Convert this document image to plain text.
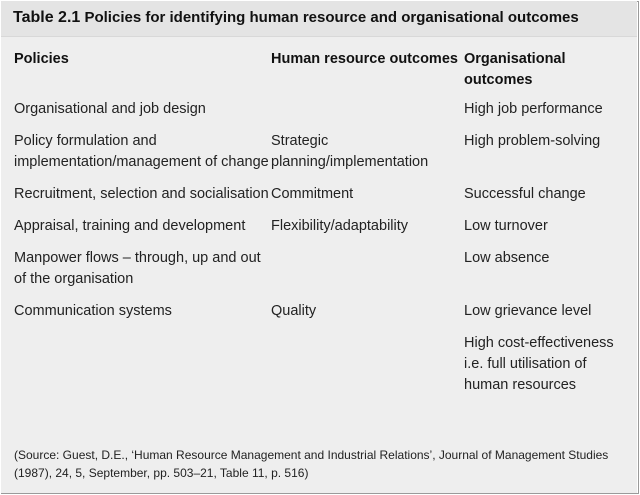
Table 2.1 Policies for identifying human resource and organisational outcomes
Policies	Human resource outcomes	Organisational outcomes
Organisational and job design		High job performance
Policy formulation and implementation/management of change	Strategic planning/implementation	High problem-solving
Recruitment, selection and socialisation	Commitment	Successful change
Appraisal, training and development	Flexibility/adaptability	Low turnover
Manpower flows – through, up and out of the organisation		Low absence
Communication systems	Quality	Low grievance level
		High cost-effectiveness i.e. full utilisation of human resources
(Source: Guest, D.E., ‘Human Resource Management and Industrial Relations’, Journal of Management Studies (1987), 24, 5, September, pp. 503–21, Table 11, p. 516)
